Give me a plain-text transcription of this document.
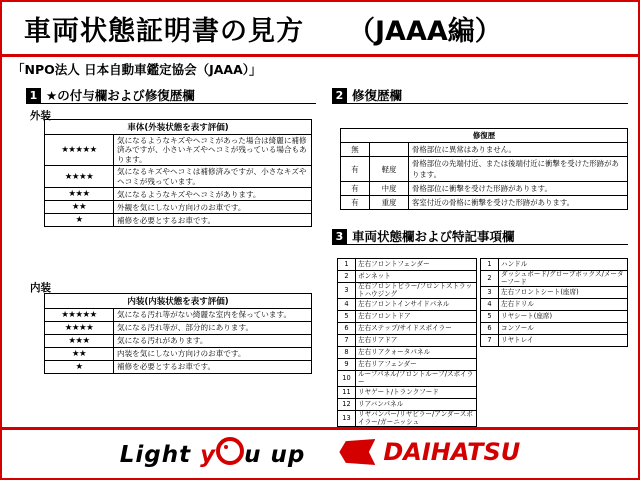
車両状態証明書の見方 （JAAA編）
「NPO法人 日本自動車鑑定協会（JAAA）」
1 ★の付与欄および修復歴欄
外装
車体(外装状態を表す評価)	
★★★★★	気になるようなキズやヘコミがあった場合は綺麗に補修済みですが、小さいキズやヘコミが残っている場合もあります。
★★★★	気になるキズやヘコミは補修済みですが、小さなキズやヘコミが残っています。
★★★	気になるようなキズやヘコミがあります。
★★	外観を気にしない方向けのお車です。
★	補修を必要とするお車です。
内装
内装(内装状態を表す評価)	
★★★★★	気になる汚れ等がない綺麗な室内を保っています。
★★★★	気になる汚れ等が、部分的にあります。
★★★	気になる汚れがあります。
★★	内装を気にしない方向けのお車です。
★	補修を必要とするお車です。
2 修復歴欄
修復歴		
無		骨格部位に異常はありません。
有	軽度	骨格部位の先端付近、または後端付近に衝撃を受けた形跡があります。
有	中度	骨格部位に衝撃を受けた形跡があります。
有	重度	客室付近の骨格に衝撃を受けた形跡があります。
3 車両状態欄および特記事項欄
1	左右フロントフェンダー
2	ボンネット
3	左右フロントピラー/フロントストラットハウジング
4	左右フロントインサイドパネル
5	左右フロントドア
6	左右ステップ/サイドスポイラー
7	左右リアドア
8	左右リアクォータパネル
9	左右リアフェンダー
10	ルーフパネル/フロントルーフ/スポイラー
11	リヤゲート/トランクフード
12	リアバンパネル
13	リヤバンパー/リヤピラー/アンダースポイラー/ガーニッシュ
1	ハンドル
2	ダッシュボード/グローブボックス/メーターフード
3	左右フロントシート(座席)
4	左右ドリル
5	リヤシート(座席)
6	コンソール
7	リヤトレイ
Light y u up	DAIHATSU
